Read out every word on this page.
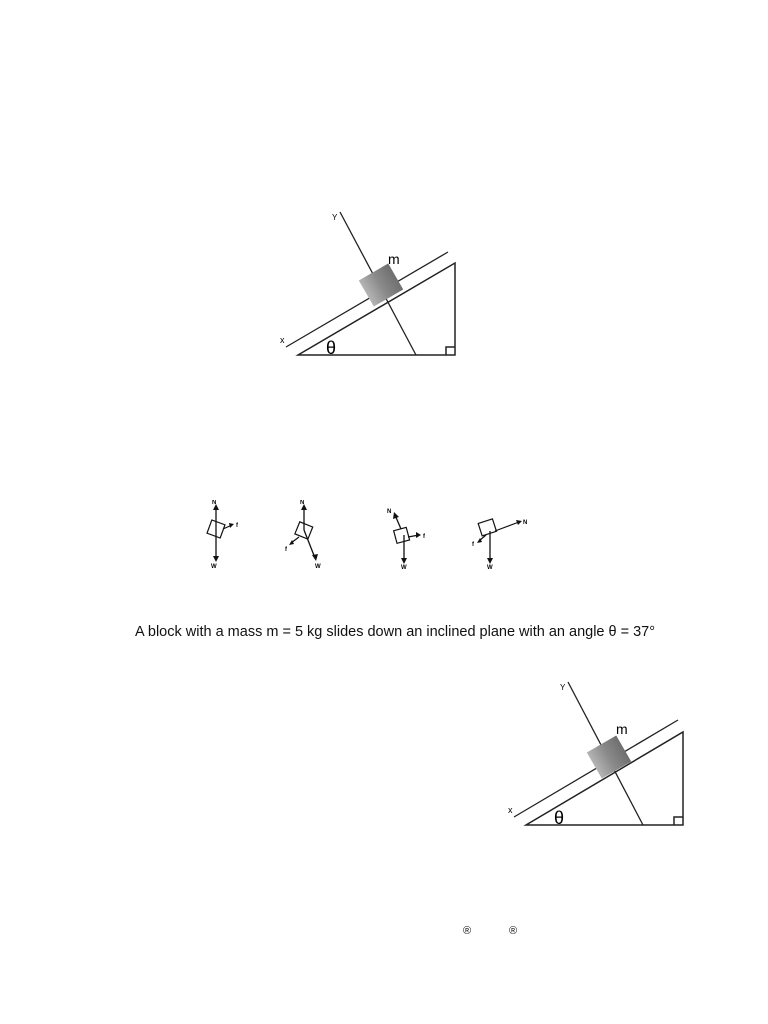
Y
x
m
θ
N
f
W
N
f
W
N
f
W
N
f
W
A block with a mass m = 5 kg slides down an inclined plane with an angle θ = 37°
Y
x
m
θ
®	®
